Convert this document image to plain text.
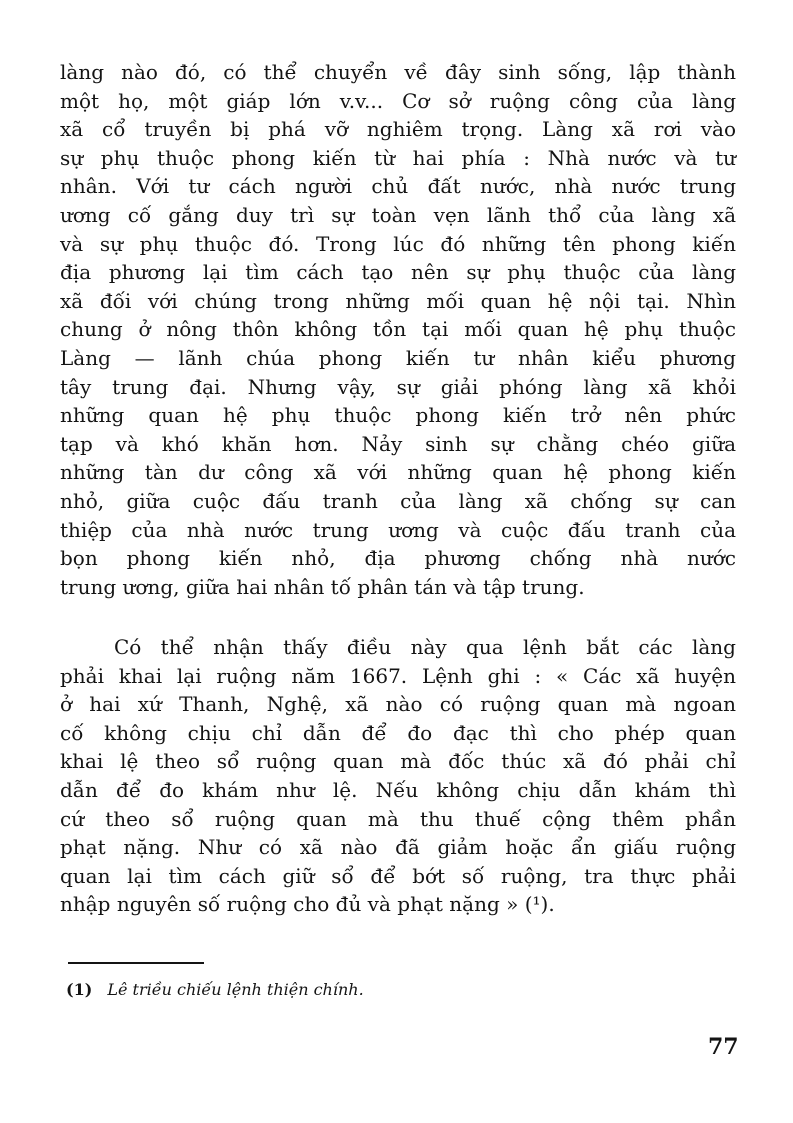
làng nào đó, có thể chuyển về đây sinh sống, lập thành
một họ, một giáp lớn v.v... Cơ sở ruộng công của làng
xã cổ truyền bị phá vỡ nghiêm trọng. Làng xã rơi vào
sự phụ thuộc phong kiến từ hai phía : Nhà nước và tư
nhân. Với tư cách người chủ đất nước, nhà nước trung
ương cố gắng duy trì sự toàn vẹn lãnh thổ của làng xã
và sự phụ thuộc đó. Trong lúc đó những tên phong kiến
địa phương lại tìm cách tạo nên sự phụ thuộc của làng
xã đối với chúng trong những mối quan hệ nội tại. Nhìn
chung ở nông thôn không tồn tại mối quan hệ phụ thuộc
Làng — lãnh chúa phong kiến tư nhân kiểu phương
tây trung đại. Nhưng vậy, sự giải phóng làng xã khỏi
những quan hệ phụ thuộc phong kiến trở nên phức
tạp và khó khăn hơn. Nảy sinh sự chằng chéo giữa
những tàn dư công xã với những quan hệ phong kiến
nhỏ, giữa cuộc đấu tranh của làng xã chống sự can
thiệp của nhà nước trung ương và cuộc đấu tranh của
bọn phong kiến nhỏ, địa phương chống nhà nước
trung ương, giữa hai nhân tố phân tán và tập trung.
Có thể nhận thấy điều này qua lệnh bắt các làng
phải khai lại ruộng năm 1667. Lệnh ghi : « Các xã huyện
ở hai xứ Thanh, Nghệ, xã nào có ruộng quan mà ngoan
cố không chịu chỉ dẫn để đo đạc thì cho phép quan
khai lệ theo sổ ruộng quan mà đốc thúc xã đó phải chỉ
dẫn để đo khám như lệ. Nếu không chịu dẫn khám thì
cứ theo sổ ruộng quan mà thu thuế cộng thêm phần
phạt nặng. Như có xã nào đã giảm hoặc ẩn giấu ruộng
quan lại tìm cách giữ sổ để bớt số ruộng, tra thực phải
nhập nguyên số ruộng cho đủ và phạt nặng » (¹).
(1) Lê triều chiếu lệnh thiện chính.
77
